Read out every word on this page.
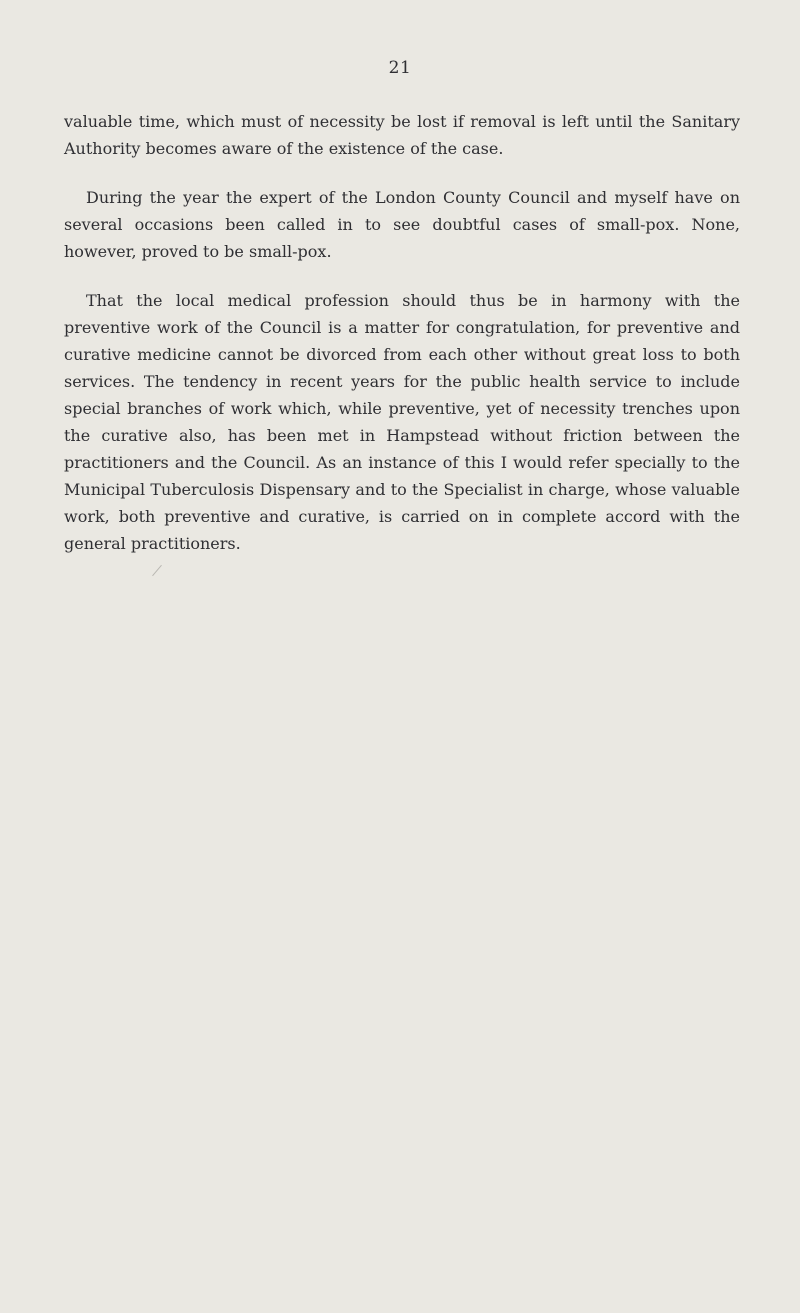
21

valuable time, which must of necessity be lost if removal is left until the Sanitary Authority becomes aware of the existence of the case.

During the year the expert of the London County Council and myself have on several occasions been called in to see doubtful cases of small-pox. None, however, proved to be small-pox.

That the local medical profession should thus be in harmony with the preventive work of the Council is a matter for congratulation, for preventive and curative medicine cannot be divorced from each other without great loss to both services. The tendency in recent years for the public health service to include special branches of work which, while preventive, yet of necessity trenches upon the curative also, has been met in Hampstead without friction between the practitioners and the Council. As an instance of this I would refer specially to the Municipal Tuberculosis Dispensary and to the Specialist in charge, whose valuable work, both preventive and curative, is carried on in complete accord with the general practitioners.
